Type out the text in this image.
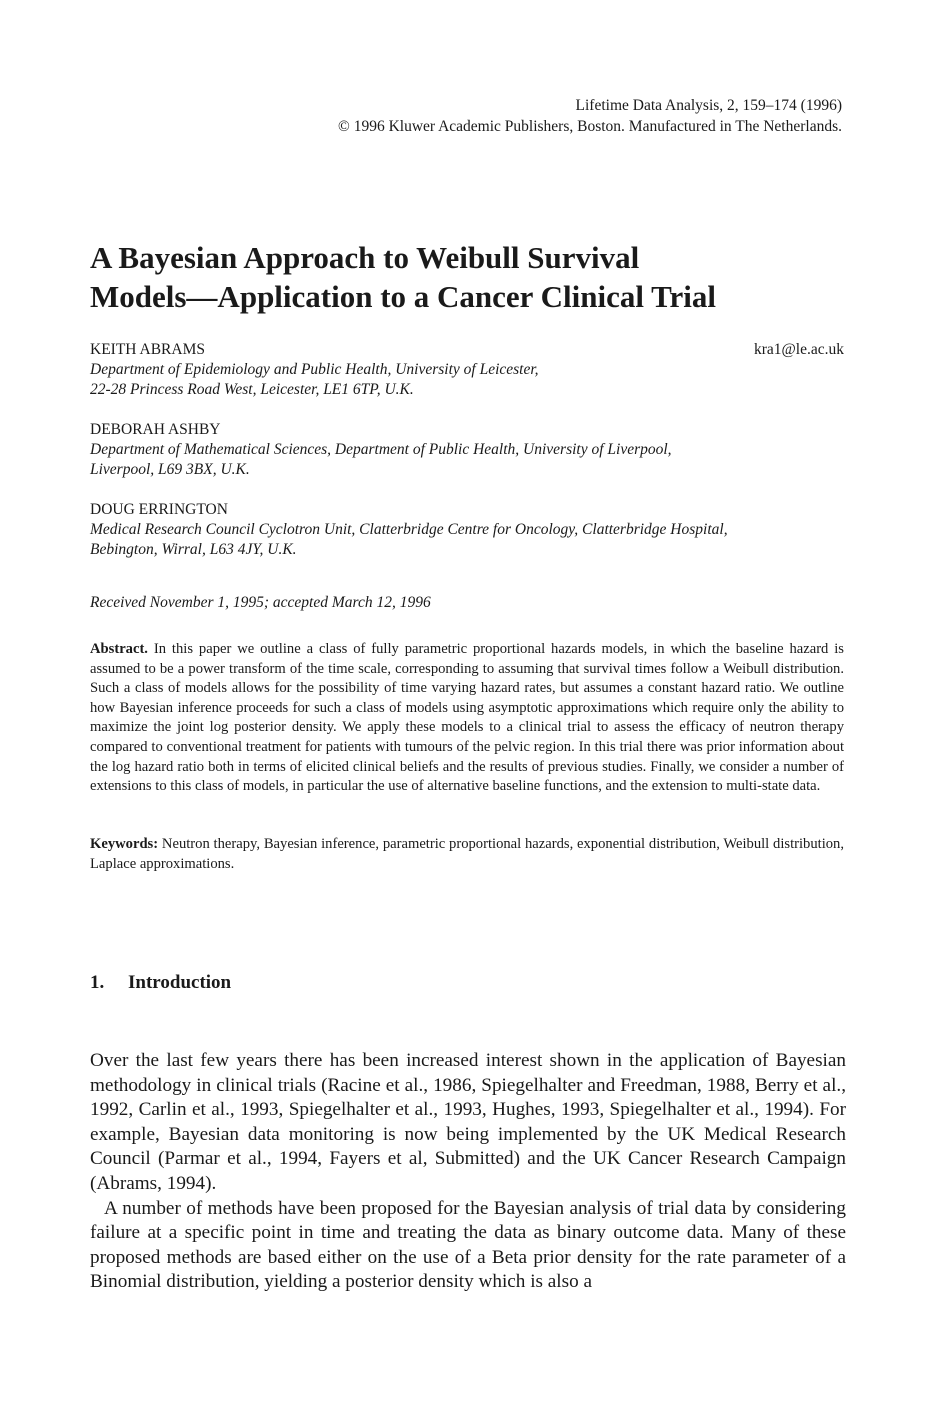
Lifetime Data Analysis, 2, 159–174 (1996)
© 1996 Kluwer Academic Publishers, Boston. Manufactured in The Netherlands.
A Bayesian Approach to Weibull Survival
Models—Application to a Cancer Clinical Trial
KEITH ABRAMS	kra1@le.ac.uk
Department of Epidemiology and Public Health, University of Leicester,
22-28 Princess Road West, Leicester, LE1 6TP, U.K.
DEBORAH ASHBY
Department of Mathematical Sciences, Department of Public Health, University of Liverpool,
Liverpool, L69 3BX, U.K.
DOUG ERRINGTON
Medical Research Council Cyclotron Unit, Clatterbridge Centre for Oncology, Clatterbridge Hospital,
Bebington, Wirral, L63 4JY, U.K.
Received November 1, 1995; accepted March 12, 1996

Abstract. In this paper we outline a class of fully parametric proportional hazards models, in which the baseline hazard is assumed to be a power transform of the time scale, corresponding to assuming that survival times follow a Weibull distribution. Such a class of models allows for the possibility of time varying hazard rates, but assumes a constant hazard ratio. We outline how Bayesian inference proceeds for such a class of models using asymptotic approximations which require only the ability to maximize the joint log posterior density. We apply these models to a clinical trial to assess the efficacy of neutron therapy compared to conventional treatment for patients with tumours of the pelvic region. In this trial there was prior information about the log hazard ratio both in terms of elicited clinical beliefs and the results of previous studies. Finally, we consider a number of extensions to this class of models, in particular the use of alternative baseline functions, and the extension to multi-state data.

Keywords: Neutron therapy, Bayesian inference, parametric proportional hazards, exponential distribution, Weibull distribution, Laplace approximations.

1. Introduction

Over the last few years there has been increased interest shown in the application of Bayesian methodology in clinical trials (Racine et al., 1986, Spiegelhalter and Freedman, 1988, Berry et al., 1992, Carlin et al., 1993, Spiegelhalter et al., 1993, Hughes, 1993, Spiegelhalter et al., 1994). For example, Bayesian data monitoring is now being implemented by the UK Medical Research Council (Parmar et al., 1994, Fayers et al, Submitted) and the UK Cancer Research Campaign (Abrams, 1994).

A number of methods have been proposed for the Bayesian analysis of trial data by considering failure at a specific point in time and treating the data as binary outcome data. Many of these proposed methods are based either on the use of a Beta prior density for the rate parameter of a Binomial distribution, yielding a posterior density which is also a
